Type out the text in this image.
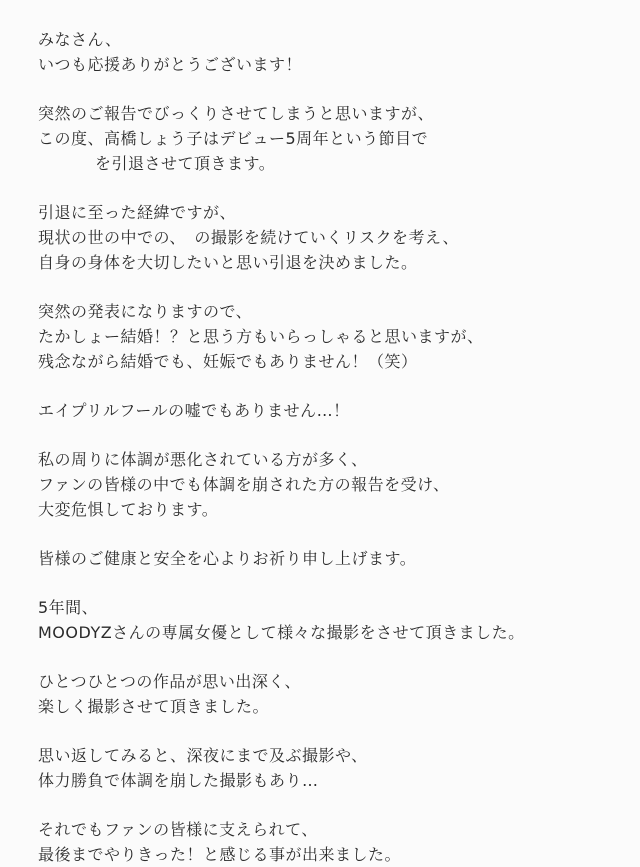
みなさん、
いつも応援ありがとうございます！
突然のご報告でびっくりさせてしまうと思いますが、
この度、高橋しょう子はデビュー5周年という節目で
を引退させて頂きます。
引退に至った経緯ですが、
現状の世の中での、　の撮影を続けていくリスクを考え、
自身の身体を大切したいと思い引退を決めました。
突然の発表になりますので、
たかしょー結婚！？と思う方もいらっしゃると思いますが、
残念ながら結婚でも、妊娠でもありません！（笑）
エイプリルフールの嘘でもありません…！
私の周りに体調が悪化されている方が多く、
ファンの皆様の中でも体調を崩された方の報告を受け、
大変危惧しております。
皆様のご健康と安全を心よりお祈り申し上げます。
5年間、
MOODYZさんの専属女優として様々な撮影をさせて頂きました。
ひとつひとつの作品が思い出深く、
楽しく撮影させて頂きました。
思い返してみると、深夜にまで及ぶ撮影や、
体力勝負で体調を崩した撮影もあり…
それでもファンの皆様に支えられて、
最後までやりきった！と感じる事が出来ました。
